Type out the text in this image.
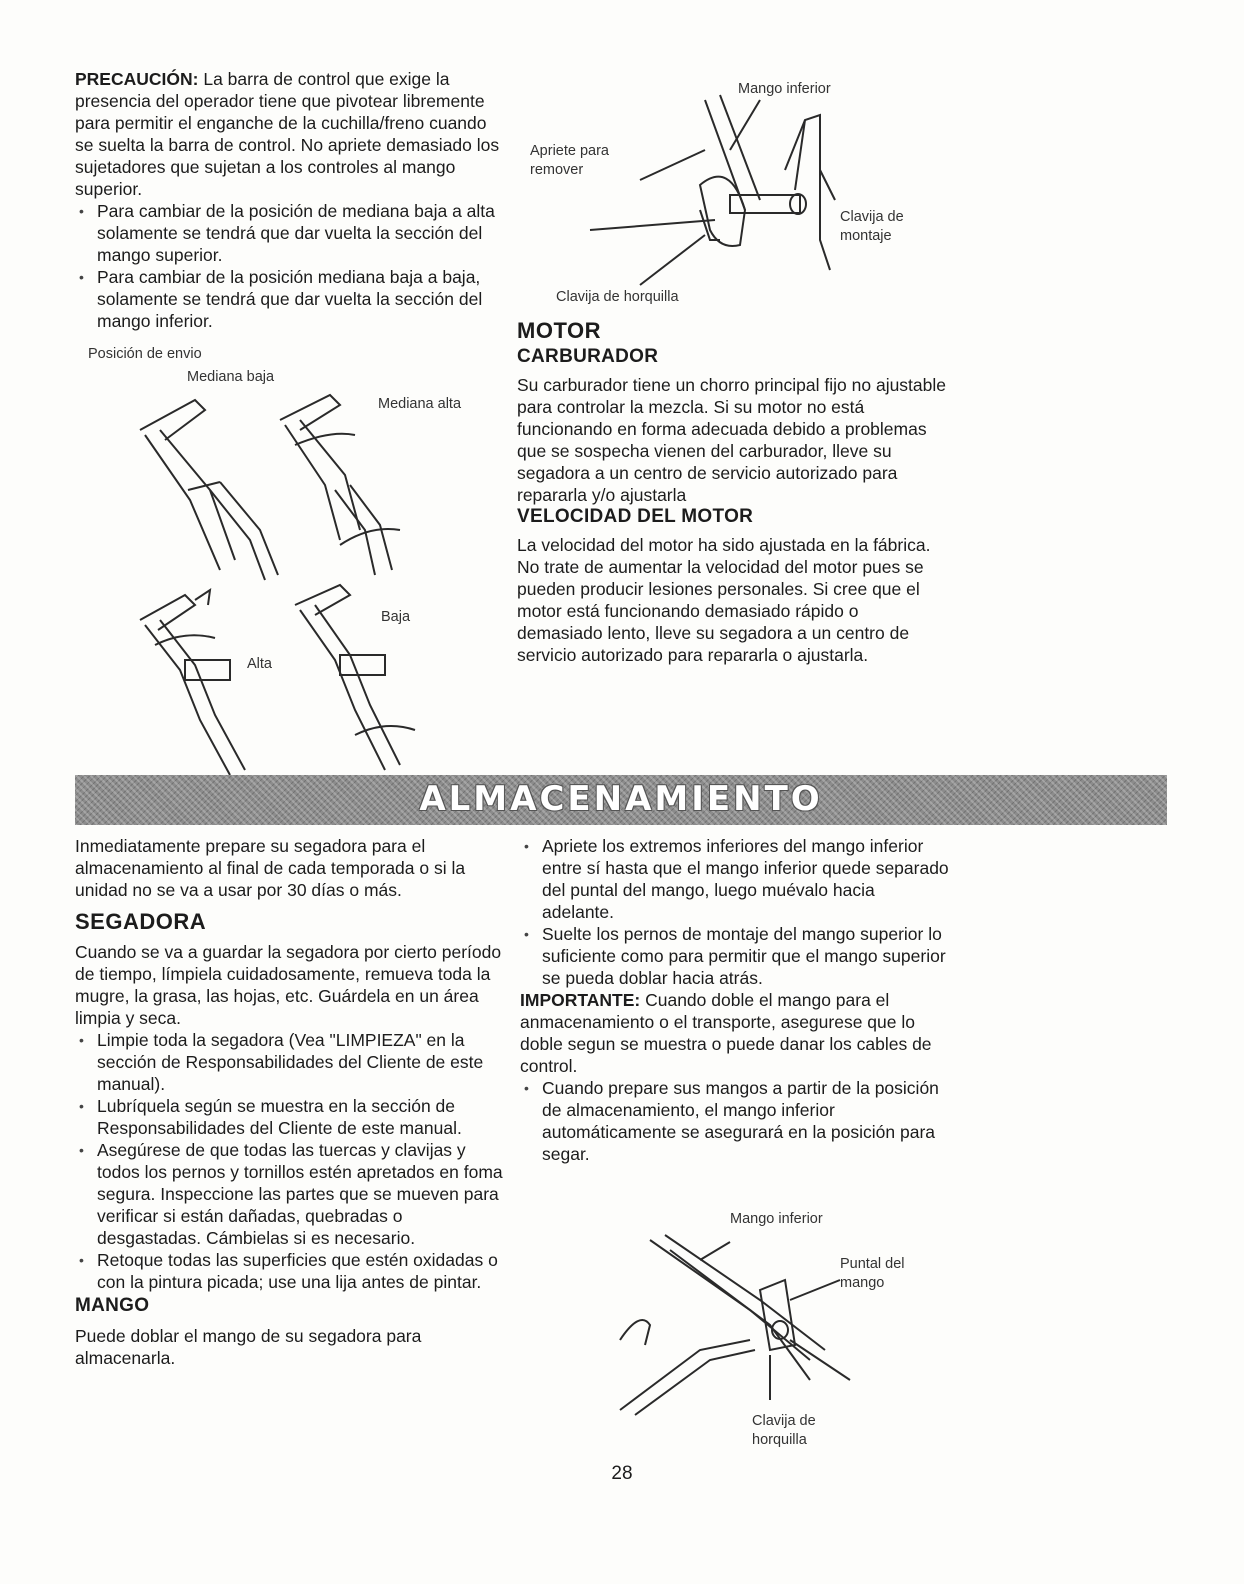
PRECAUCIÓN: La barra de control que exige la presencia del operador tiene que pivotear libremente para permitir el enganche de la cuchilla/freno cuando se suelta la barra de control. No apriete demasiado los sujetadores que sujetan a los controles al mango superior.

• Para cambiar de la posición de mediana baja a alta solamente se tendrá que dar vuelta la sección del mango superior.
• Para cambiar de la posición mediana baja a baja, solamente se tendrá que dar vuelta la sección del mango inferior.
Posición de envio
Mediana baja
Mediana alta
Alta
Baja
Mango inferior
Apriete para remover
Clavija de montaje
Clavija de horquilla
MOTOR
CARBURADOR

Su carburador tiene un chorro principal fijo no ajustable para controlar la mezcla. Si su motor no está funcionando en forma adecuada debido a problemas que se sospecha vienen del carburador, lleve su segadora a un centro de servicio autorizado para repararla y/o ajustarla

VELOCIDAD DEL MOTOR

La velocidad del motor ha sido ajustada en la fábrica. No trate de aumentar la velocidad del motor pues se pueden producir lesiones personales. Si cree que el motor está funcionando demasiado rápido o demasiado lento, lleve su segadora a un centro de servicio autorizado para repararla o ajustarla.

ALMACENAMIENTO

Inmediatamente prepare su segadora para el almacenamiento al final de cada temporada o si la unidad no se va a usar por 30 días o más.

SEGADORA

Cuando se va a guardar la segadora por cierto período de tiempo, límpiela cuidadosamente, remueva toda la mugre, la grasa, las hojas, etc. Guárdela en un área limpia y seca.

• Limpie toda la segadora (Vea "LIMPIEZA" en la sección de Responsabilidades del Cliente de este manual).
• Lubríquela según se muestra en la sección de Responsabilidades del Cliente de este manual.
• Asegúrese de que todas las tuercas y clavijas y todos los pernos y tornillos estén apretados en foma segura. Inspeccione las partes que se mueven para verificar si están dañadas, quebradas o desgastadas. Cámbielas si es necesario.
• Retoque todas las superficies que estén oxidadas o con la pintura picada; use una lija antes de pintar.
MANGO

Puede doblar el mango de su segadora para almacenarla.

• Apriete los extremos inferiores del mango inferior entre sí hasta que el mango inferior quede separado del puntal del mango, luego muévalo hacia adelante.
• Suelte los pernos de montaje del mango superior lo suficiente como para permitir que el mango superior se pueda doblar hacia atrás.

IMPORTANTE: Cuando doble el mango para el anmacenamiento o el transporte, asegurese que lo doble segun se muestra o puede danar los cables de control.

• Cuando prepare sus mangos a partir de la posición de almacenamiento, el mango inferior automáticamente se asegurará en la posición para segar.
Mango inferior
Puntal del mango
Clavija de horquilla
28
